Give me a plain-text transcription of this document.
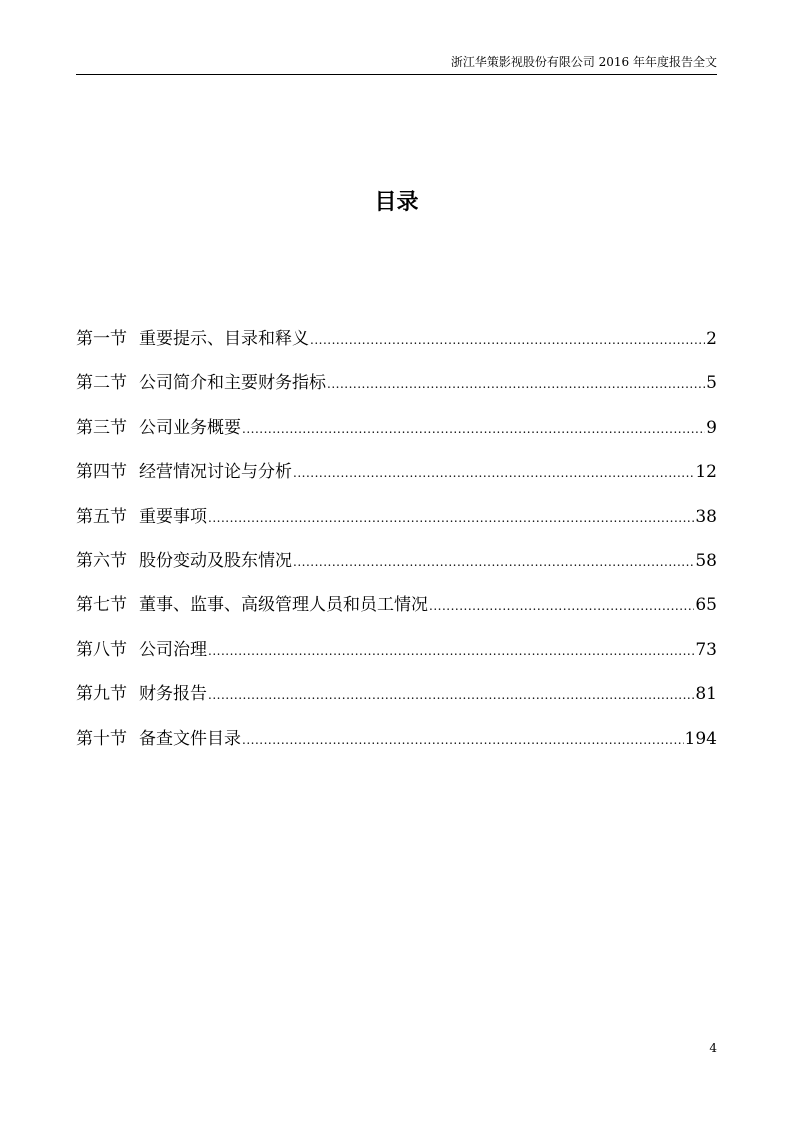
浙江华策影视股份有限公司 2016 年年度报告全文
目录
第一节 重要提示、目录和释义 .....	2
第二节 公司简介和主要财务指标 .....	5
第三节 公司业务概要 .....	9
第四节 经营情况讨论与分析 .....	12
第五节 重要事项 .....	38
第六节 股份变动及股东情况 .....	58
第七节 董事、监事、高级管理人员和员工情况 .....	65
第八节 公司治理 .....	73
第九节 财务报告 .....	81
第十节 备查文件目录 .....	194
4
